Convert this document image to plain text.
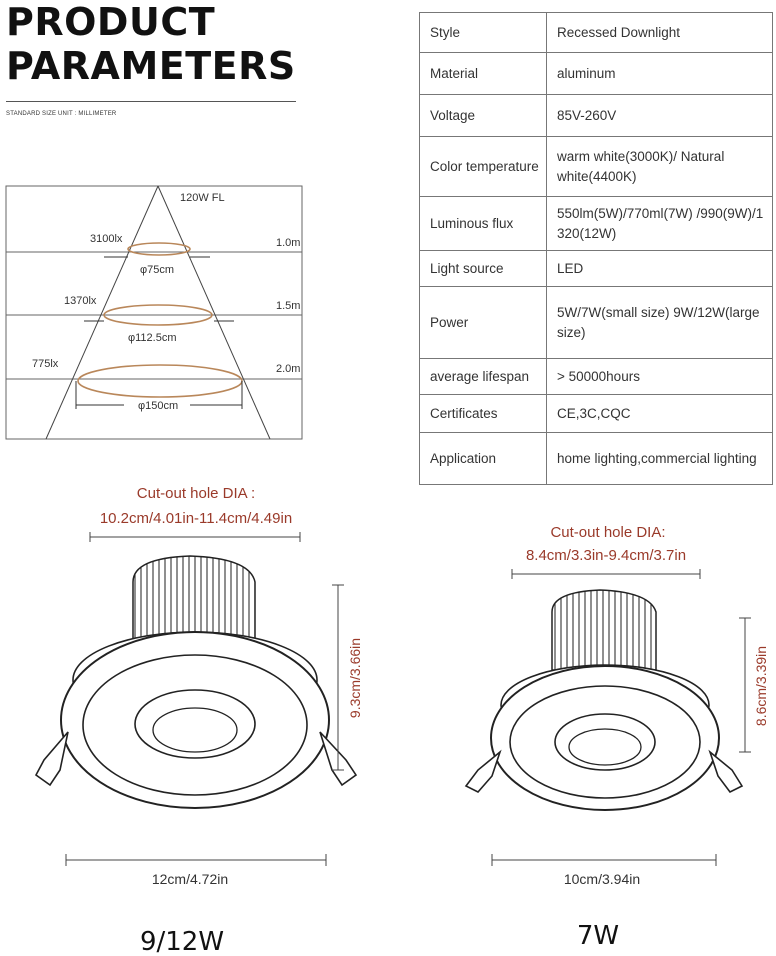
PRODUCT
PARAMETERS
STANDARD SIZE UNIT : MILLIMETER
Style	Recessed Downlight
Material	aluminum
Voltage	85V-260V
Color temperature	warm white(3000K)/ Natural white(4400K)
Luminous flux	550lm(5W)/770ml(7W) /990(9W)/1 320(12W)
Light source	LED
Power	5W/7W(small size) 9W/12W(large size)
average lifespan	> 50000hours
Certificates	CE,3C,CQC
Application	home lighting,commercial lighting
120W FL
3100lx	1.0m
φ75cm
1370lx	1.5m
φ112.5cm
775lx	2.0m
φ150cm
Cut-out hole DIA :
10.2cm/4.01in-11.4cm/4.49in
9.3cm/3.66in
12cm/4.72in
9/12W
Cut-out hole DIA:
8.4cm/3.3in-9.4cm/3.7in
8.6cm/3.39in
10cm/3.94in
7W
